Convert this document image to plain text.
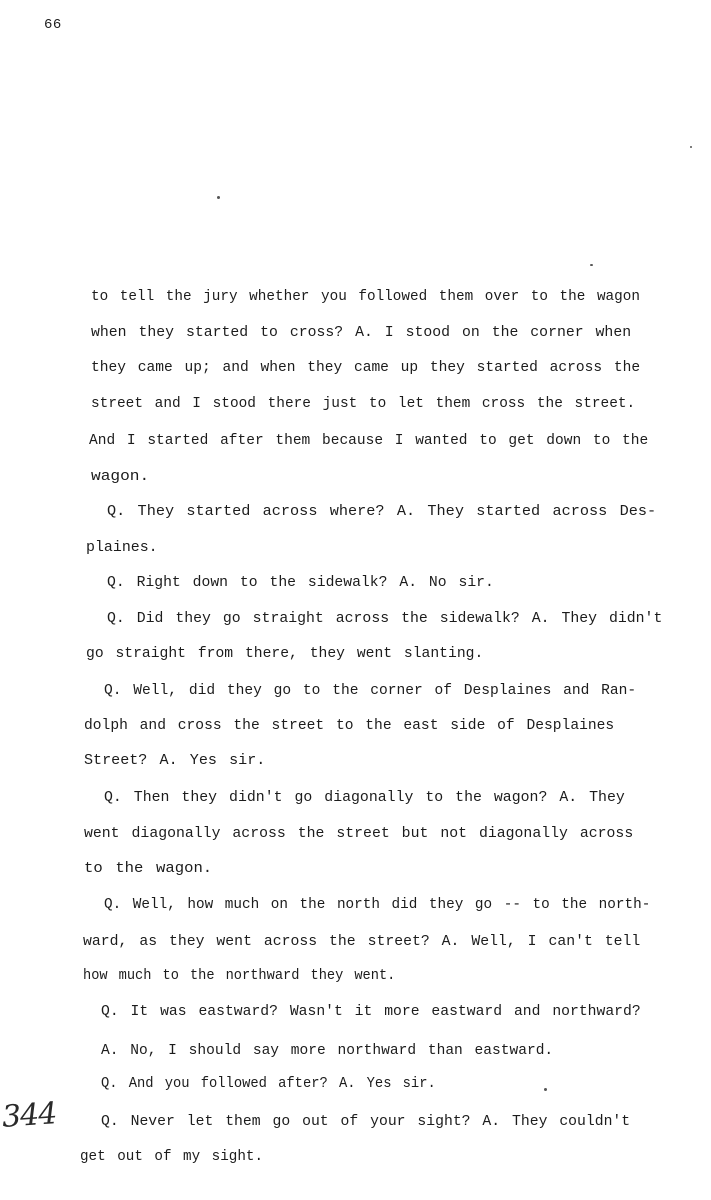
66
to tell the jury whether you followed them over to the wagon
when they started to cross? A. I stood on the corner when
they came up; and when they came up they started across the
street and I stood there just to let them cross the street.
And I started after them because I wanted to get down to the
wagon.
Q. They started across where? A. They started across Des-
plaines.
Q. Right down to the sidewalk? A. No sir.
Q. Did they go straight across the sidewalk? A. They didn't
go straight from there, they went slanting.
Q. Well, did they go to the corner of Desplaines and Ran-
dolph and cross the street to the east side of Desplaines
Street? A. Yes sir.
Q. Then they didn't go diagonally to the wagon? A. They
went diagonally across the street but not diagonally across
to the wagon.
Q. Well, how much on the north did they go -- to the north-
ward, as they went across the street? A. Well, I can't tell
how much to the northward they went.
Q. It was eastward? Wasn't it more eastward and northward?
A. No, I should say more northward than eastward.
Q. And you followed after? A. Yes sir.
Q. Never let them go out of your sight? A. They couldn't
get out of my sight.
344
